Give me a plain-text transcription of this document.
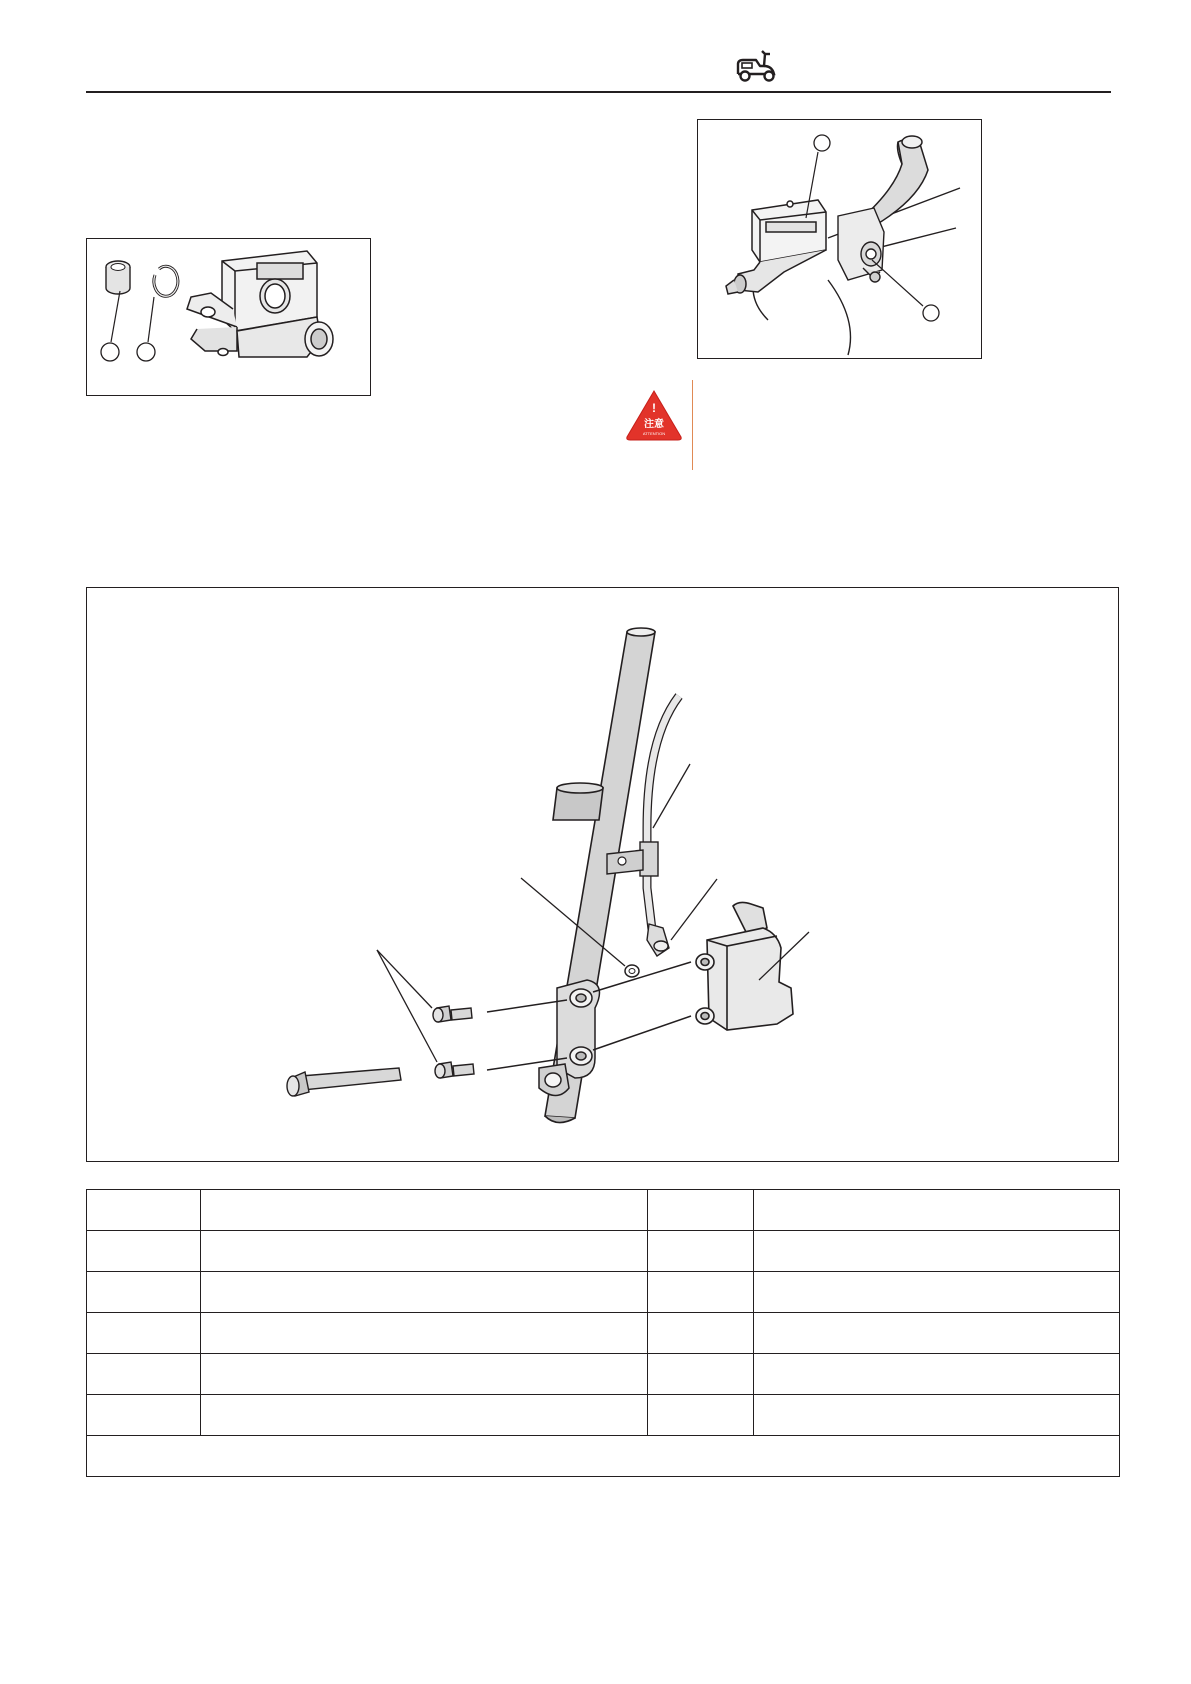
!
注意
ATTENTION
